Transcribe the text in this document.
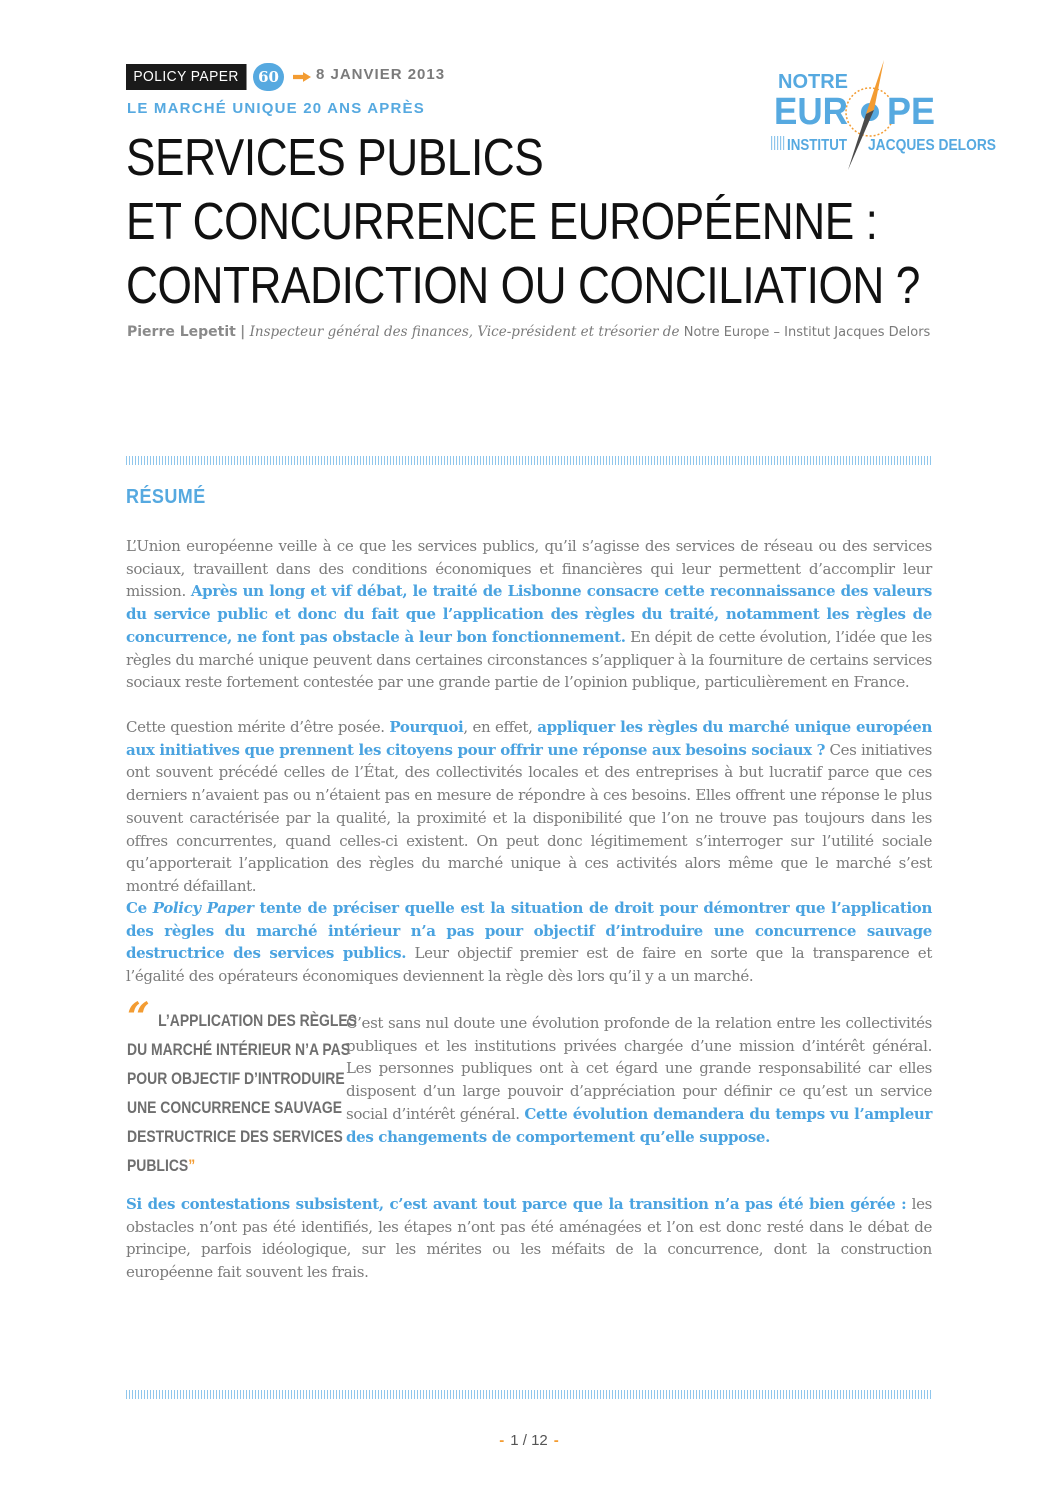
POLICY PAPER	60	8 JANVIER 2013
LE MARCHÉ UNIQUE 20 ANS APRÈS
SERVICES PUBLICS
ET CONCURRENCE EUROPÉENNE :
CONTRADICTION OU CONCILIATION ?
Pierre Lepetit | Inspecteur général des finances, Vice-président et trésorier de Notre Europe – Institut Jacques Delors
NOTRE
EUR PE
INSTITUT JACQUES DELORS
RÉSUMÉ

L’Union européenne veille à ce que les services publics, qu’il s’agisse des services de réseau ou des services sociaux, travaillent dans des conditions économiques et financières qui leur permettent d’accomplir leur mission. Après un long et vif débat, le traité de Lisbonne consacre cette reconnaissance des valeurs du service public et donc du fait que l’application des règles du traité, notamment les règles de concurrence, ne font pas obstacle à leur bon fonctionnement. En dépit de cette évolution, l’idée que les règles du marché unique peuvent dans certaines circonstances s’appliquer à la fourniture de certains services sociaux reste fortement contestée par une grande partie de l’opinion publique, particulièrement en France.

Cette question mérite d’être posée. Pourquoi, en effet, appliquer les règles du marché unique européen aux initiatives que prennent les citoyens pour offrir une réponse aux besoins sociaux ? Ces initiatives ont souvent précédé celles de l’État, des collectivités locales et des entreprises à but lucratif parce que ces derniers n’avaient pas ou n’étaient pas en mesure de répondre à ces besoins. Elles offrent une réponse le plus souvent caractérisée par la qualité, la proximité et la disponibilité que l’on ne trouve pas toujours dans les offres concurrentes, quand celles-ci existent. On peut donc légitimement s’interroger sur l’utilité sociale qu’apporterait l’application des règles du marché unique à ces activités alors même que le marché s’est montré défaillant.

Ce Policy Paper tente de préciser quelle est la situation de droit pour démontrer que l’application des règles du marché intérieur n’a pas pour objectif d’introduire une concurrence sauvage destructrice des services publics. Leur objectif premier est de faire en sorte que la transparence et l’égalité des opérateurs économiques deviennent la règle dès lors qu’il y a un marché.

“ L’APPLICATION DES RÈGLES
DU MARCHÉ INTÉRIEUR N’A PAS
POUR OBJECTIF D’INTRODUIRE
UNE CONCURRENCE SAUVAGE
DESTRUCTRICE DES SERVICES
PUBLICS”

C’est sans nul doute une évolution profonde de la relation entre les collectivités publiques et les institutions privées chargée d’une mission d’intérêt général. Les personnes publiques ont à cet égard une grande responsabilité car elles disposent d’un large pouvoir d’appréciation pour définir ce qu’est un service social d’intérêt général. Cette évolution demandera du temps vu l’ampleur des changements de comportement qu’elle suppose.

Si des contestations subsistent, c’est avant tout parce que la transition n’a pas été bien gérée : les obstacles n’ont pas été identifiés, les étapes n’ont pas été aménagées et l’on est donc resté dans le débat de principe, parfois idéologique, sur les mérites ou les méfaits de la concurrence, dont la construction européenne fait souvent les frais.

- 1 / 12 -
